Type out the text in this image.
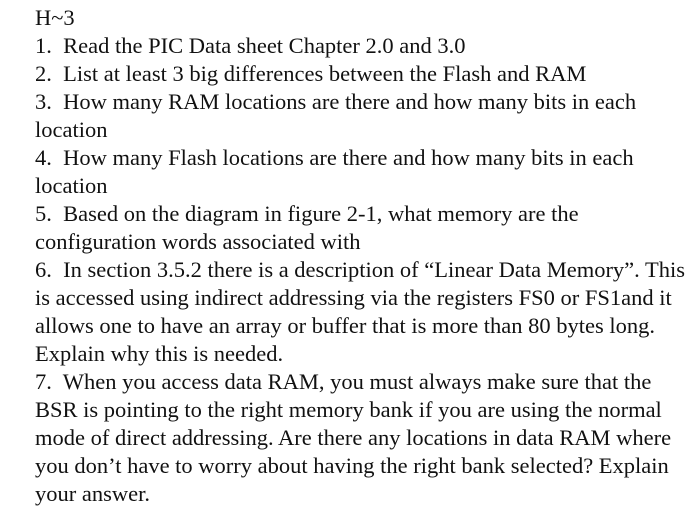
H~3
1. Read the PIC Data sheet Chapter 2.0 and 3.0
2. List at least 3 big differences between the Flash and RAM
3. How many RAM locations are there and how many bits in each location
4. How many Flash locations are there and how many bits in each location
5. Based on the diagram in figure 2-1, what memory are the configuration words associated with
6. In section 3.5.2 there is a description of “Linear Data Memory”. This is accessed using indirect addressing via the registers FS0 or FS1and it allows one to have an array or buffer that is more than 80 bytes long. Explain why this is needed.
7. When you access data RAM, you must always make sure that the BSR is pointing to the right memory bank if you are using the normal mode of direct addressing. Are there any locations in data RAM where you don’t have to worry about having the right bank selected? Explain your answer.
